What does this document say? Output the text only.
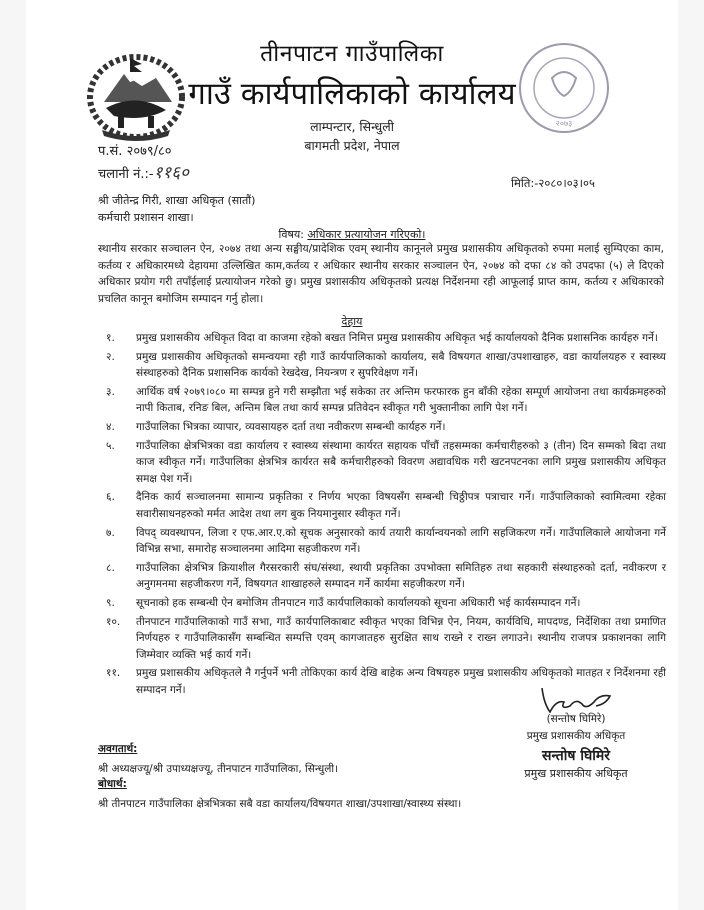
२०७३
तीनपाटन गाउँपालिका
गाउँ कार्यपालिकाको कार्यालय
लाम्पन्टार, सिन्धुली
बागमती प्रदेश, नेपाल
प.सं. २०७९/८०
चलानी नं.:-११६०	मिति:-२०८०।०३।०५
श्री जीतेन्द्र गिरी, शाखा अधिकृत (सातौं)
कर्मचारी प्रशासन शाखा।
विषय: अधिकार प्रत्यायोजन गरिएको।
स्थानीय सरकार सञ्चालन ऐन, २०७४ तथा अन्य सङ्घीय/प्रादेशिक एवम् स्थानीय कानूनले प्रमुख प्रशासकीय अधिकृतको रुपमा मलाई सुम्पिएका काम, कर्तव्य र अधिकारमध्ये देहायमा उल्लिखित काम,कर्तव्य र अधिकार स्थानीय सरकार सञ्चालन ऐन, २०७४ को दफा ८४ को उपदफा (५) ले दिएको अधिकार प्रयोग गरी तपाँईलाई प्रत्यायोजन गरेको छु। प्रमुख प्रशासकीय अधिकृतको प्रत्यक्ष निर्देशनमा रही आफूलाई प्राप्त काम, कर्तव्य र अधिकारको प्रचलित कानून बमोजिम सम्पादन गर्नु होला।
देहाय
१.	प्रमुख प्रशासकीय अधिकृत विदा वा काजमा रहेको बखत निमित्त प्रमुख प्रशासकीय अधिकृत भई कार्यालयको दैनिक प्रशासनिक कार्यहरु गर्ने।
२.	प्रमुख प्रशासकीय अधिकृतको समन्वयमा रही गाउँ कार्यपालिकाको कार्यालय, सबै विषयगत शाखा/उपशाखाहरु, वडा कार्यालयहरु र स्वास्थ्य संस्थाहरुको दैनिक प्रशासनिक कार्यको रेखदेख, नियन्त्रण र सुपरिवेक्षण गर्ने।
३.	आर्थिक वर्ष २०७९।०८० मा सम्पन्न हुने गरी सम्झौता भई सकेका तर अन्तिम फरफारक हुन बाँकी रहेका सम्पूर्ण आयोजना तथा कार्यक्रमहरुको नापी किताब, रनिङ बिल, अन्तिम बिल तथा कार्य सम्पन्न प्रतिवेदन स्वीकृत गरी भुक्तानीका लागि पेश गर्ने।
४.	गाउँपालिका भित्रका व्यापार, व्यवसायहरु दर्ता तथा नवीकरण सम्बन्धी कार्यहरु गर्ने।
५.	गाउँपालिका क्षेत्रभित्रका वडा कार्यालय र स्वास्थ्य संस्थामा कार्यरत सहायक पाँचौं तहसम्मका कर्मचारीहरुको ३ (तीन) दिन सम्मको बिदा तथा काज स्वीकृत गर्ने। गाउँपालिका क्षेत्रभित्र कार्यरत सबै कर्मचारीहरुको विवरण अद्यावधिक गरी खटनपटनका लागि प्रमुख प्रशासकीय अधिकृत समक्ष पेश गर्ने।
६.	दैनिक कार्य सञ्चालनमा सामान्य प्रकृतिका र निर्णय भएका विषयसँग सम्बन्धी चिठ्ठीपत्र पत्राचार गर्ने। गाउँपालिकाको स्वामित्वमा रहेका सवारीसाधनहरुको मर्मत आदेश तथा लग बुक नियमानुसार स्वीकृत गर्ने।
७.	विपद् व्यवस्थापन, लिजा र एफ.आर.ए.को सूचक अनुसारको कार्य तयारी कार्यान्वयनको लागि सहजिकरण गर्ने। गाउँपालिकाले आयोजना गर्ने विभिन्न सभा, समारोह सञ्चालनमा आदिमा सहजीकरण गर्ने।
८.	गाउँपालिका क्षेत्रभित्र क्रियाशील गैरसरकारी संघ/संस्था, स्थायी प्रकृतिका उपभोक्ता समितिहरु तथा सहकारी संस्थाहरुको दर्ता, नवीकरण र अनुगमनमा सहजीकरण गर्ने, विषयगत शाखाहरुले सम्पादन गर्ने कार्यमा सहजीकरण गर्ने।
९.	सूचनाको हक सम्बन्धी ऐन बमोजिम तीनपाटन गाउँ कार्यपालिकाको कार्यालयको सूचना अधिकारी भई कार्यसम्पादन गर्ने।
१०.	तीनपाटन गाउँपालिकाको गाउँ सभा, गाउँ कार्यपालिकाबाट स्वीकृत भएका विभिन्न ऐन, नियम, कार्यविधि, मापदण्ड, निर्देशिका तथा प्रमाणित निर्णयहरु र गाउँपालिकासँग सम्बन्धित सम्पत्ति एवम् कागजातहरु सुरक्षित साथ राख्ने र राख्न लगाउने। स्थानीय राजपत्र प्रकाशनका लागि जिम्मेवार व्यक्ति भई कार्य गर्ने।
११.	प्रमुख प्रशासकीय अधिकृतले नै गर्नुपर्ने भनी तोकिएका कार्य देखि बाहेक अन्य विषयहरु प्रमुख प्रशासकीय अधिकृतको मातहत र निर्देशनमा रही सम्पादन गर्ने।
(सन्तोष घिमिरे)
प्रमुख प्रशासकीय अधिकृत
सन्तोष घिमिरे
प्रमुख प्रशासकीय अधिकृत
अवगतार्थ:
श्री अध्यक्षज्यू/श्री उपाध्यक्षज्यू, तीनपाटन गाउँपालिका, सिन्धुली।
बोधार्थ:
श्री तीनपाटन गाउँपालिका क्षेत्रभित्रका सबै वडा कार्यालय/विषयगत शाखा/उपशाखा/स्वास्थ्य संस्था।
